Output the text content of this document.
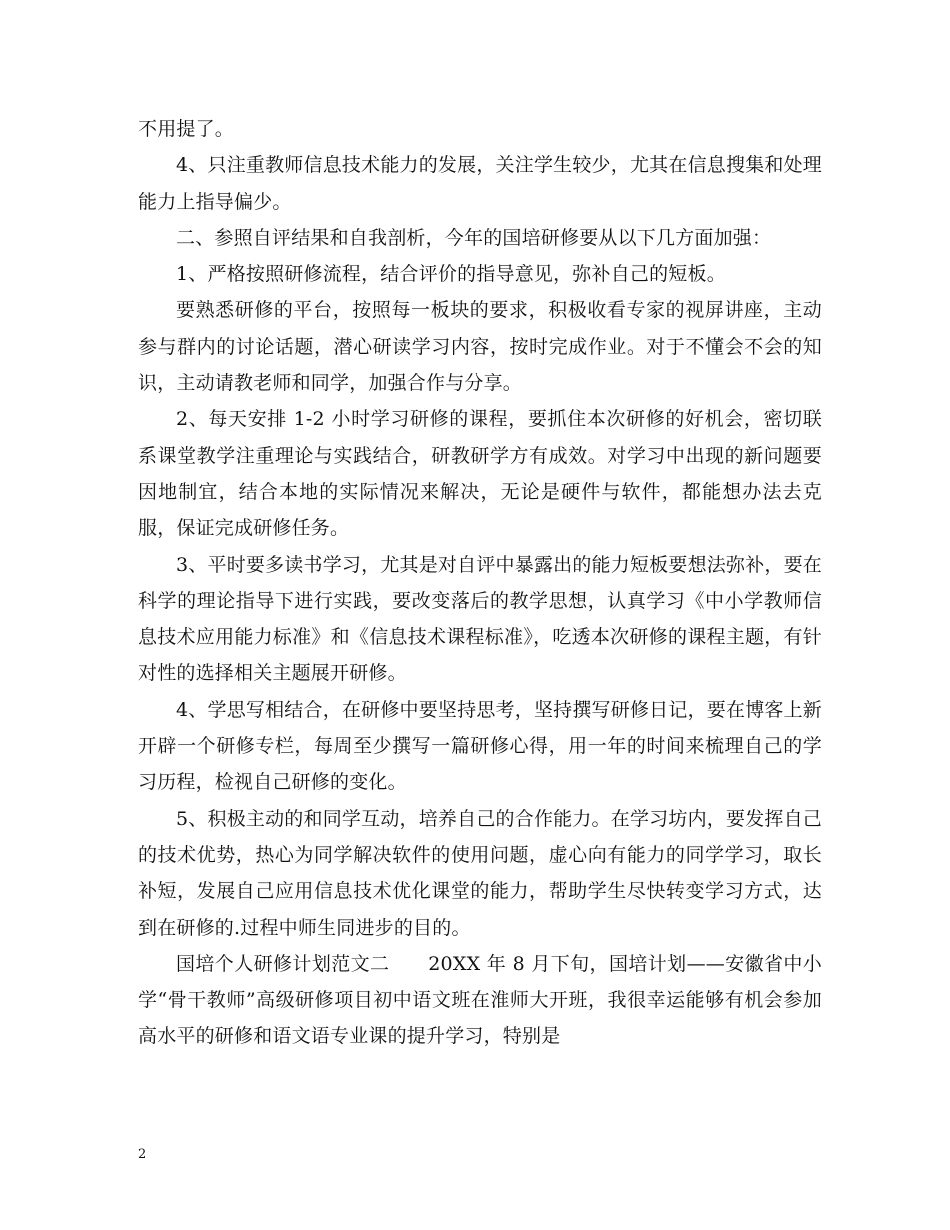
不用提了。

4、只注重教师信息技术能力的发展，关注学生较少，尤其在信息搜集和处理能力上指导偏少。

二、参照自评结果和自我剖析，今年的国培研修要从以下几方面加强：

1、严格按照研修流程，结合评价的指导意见，弥补自己的短板。

要熟悉研修的平台，按照每一板块的要求，积极收看专家的视屏讲座，主动参与群内的讨论话题，潜心研读学习内容，按时完成作业。对于不懂会不会的知识，主动请教老师和同学，加强合作与分享。

2、每天安排 1-2 小时学习研修的课程，要抓住本次研修的好机会，密切联系课堂教学注重理论与实践结合，研教研学方有成效。对学习中出现的新问题要因地制宜，结合本地的实际情况来解决，无论是硬件与软件，都能想办法去克服，保证完成研修任务。

3、平时要多读书学习，尤其是对自评中暴露出的能力短板要想法弥补，要在科学的理论指导下进行实践，要改变落后的教学思想，认真学习《中小学教师信息技术应用能力标准》和《信息技术课程标准》，吃透本次研修的课程主题，有针对性的选择相关主题展开研修。

4、学思写相结合，在研修中要坚持思考，坚持撰写研修日记，要在博客上新开辟一个研修专栏，每周至少撰写一篇研修心得，用一年的时间来梳理自己的学习历程，检视自己研修的变化。

5、积极主动的和同学互动，培养自己的合作能力。在学习坊内，要发挥自己的技术优势，热心为同学解决软件的使用问题，虚心向有能力的同学学习，取长补短，发展自己应用信息技术优化课堂的能力，帮助学生尽快转变学习方式，达到在研修的.过程中师生同进步的目的。

国培个人研修计划范文二　　20XX 年 8 月下旬，国培计划——安徽省中小学“骨干教师”高级研修项目初中语文班在淮师大开班，我很幸运能够有机会参加高水平的研修和语文语专业课的提升学习，特别是

2
